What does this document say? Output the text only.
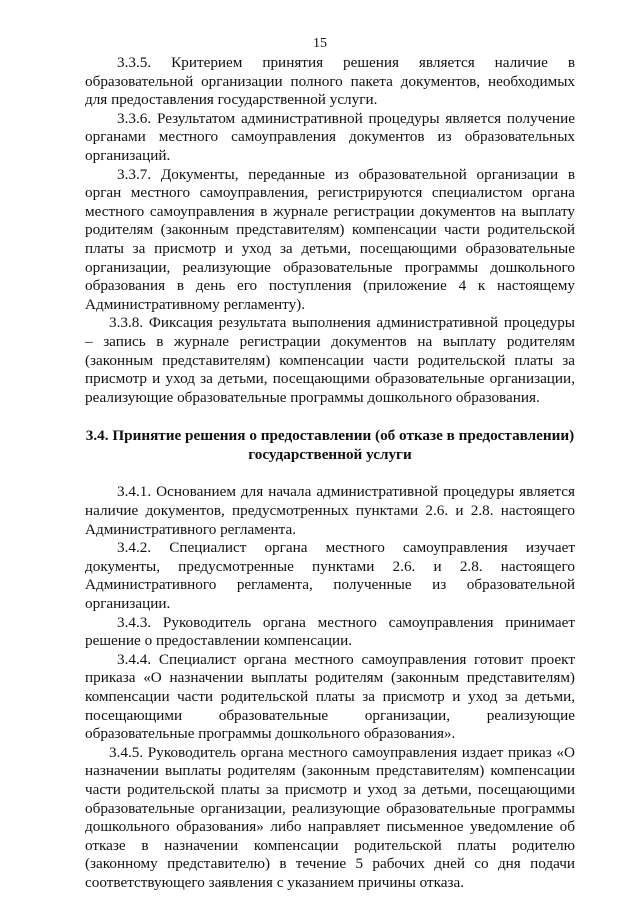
15

3.3.5. Критерием принятия решения является наличие в образовательной организации полного пакета документов, необходимых для предоставления государственной услуги.

3.3.6. Результатом административной процедуры является получение органами местного самоуправления документов из образовательных организаций.

3.3.7. Документы, переданные из образовательной организации в орган местного самоуправления, регистрируются специалистом органа местного самоуправления в журнале регистрации документов на выплату родителям (законным представителям) компенсации части родительской платы за присмотр и уход за детьми, посещающими образовательные организации, реализующие образовательные программы дошкольного образования в день его поступления (приложение 4 к настоящему Административному регламенту).

3.3.8. Фиксация результата выполнения административной процедуры – запись в журнале регистрации документов на выплату родителям (законным представителям) компенсации части родительской платы за присмотр и уход за детьми, посещающими образовательные организации, реализующие образовательные программы дошкольного образования.

3.4. Принятие решения о предоставлении (об отказе в предоставлении) государственной услуги

3.4.1. Основанием для начала административной процедуры является наличие документов, предусмотренных пунктами 2.6. и 2.8. настоящего Административного регламента.

3.4.2. Специалист органа местного самоуправления изучает документы, предусмотренные пунктами 2.6. и 2.8. настоящего Административного регламента, полученные из образовательной организации.

3.4.3. Руководитель органа местного самоуправления принимает решение о предоставлении компенсации.

3.4.4. Специалист органа местного самоуправления готовит проект приказа «О назначении выплаты родителям (законным представителям) компенсации части родительской платы за присмотр и уход за детьми, посещающими образовательные организации, реализующие образовательные программы дошкольного образования».

3.4.5. Руководитель органа местного самоуправления издает приказ «О назначении выплаты родителям (законным представителям) компенсации части родительской платы за присмотр и уход за детьми, посещающими образовательные организации, реализующие образовательные программы дошкольного образования» либо направляет письменное уведомление об отказе в назначении компенсации родительской платы родителю (законному представителю) в течение 5 рабочих дней со дня подачи соответствующего заявления с указанием причины отказа.
